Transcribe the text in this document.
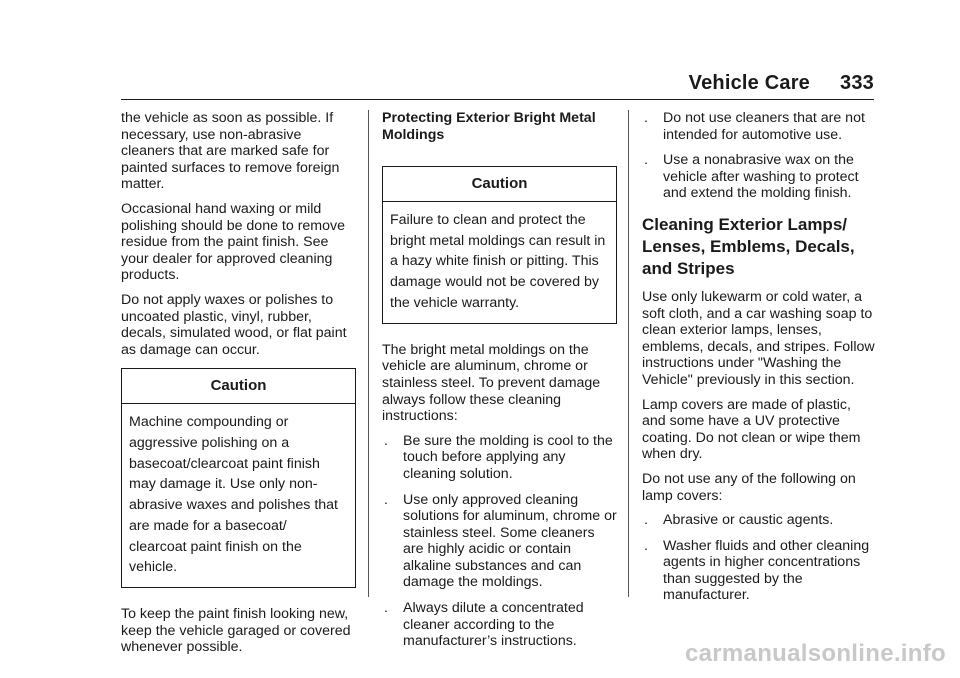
Vehicle Care 333

the vehicle as soon as possible. If necessary, use non-abrasive cleaners that are marked safe for painted surfaces to remove foreign matter.

Occasional hand waxing or mild polishing should be done to remove residue from the paint finish. See your dealer for approved cleaning products.

Do not apply waxes or polishes to uncoated plastic, vinyl, rubber, decals, simulated wood, or flat paint as damage can occur.

Caution
Machine compounding or aggressive polishing on a basecoat/clearcoat paint finish may damage it. Use only non-abrasive waxes and polishes that are made for a basecoat/ clearcoat paint finish on the vehicle.

To keep the paint finish looking new, keep the vehicle garaged or covered whenever possible.

Protecting Exterior Bright Metal Moldings

Caution
Failure to clean and protect the bright metal moldings can result in a hazy white finish or pitting. This damage would not be covered by the vehicle warranty.

The bright metal moldings on the vehicle are aluminum, chrome or stainless steel. To prevent damage always follow these cleaning instructions:

. Be sure the molding is cool to the touch before applying any cleaning solution.
. Use only approved cleaning solutions for aluminum, chrome or stainless steel. Some cleaners are highly acidic or contain alkaline substances and can damage the moldings.
. Always dilute a concentrated cleaner according to the manufacturer’s instructions.
. Do not use cleaners that are not intended for automotive use.
. Use a nonabrasive wax on the vehicle after washing to protect and extend the molding finish.
Cleaning Exterior Lamps/ Lenses, Emblems, Decals, and Stripes

Use only lukewarm or cold water, a soft cloth, and a car washing soap to clean exterior lamps, lenses, emblems, decals, and stripes. Follow instructions under "Washing the Vehicle" previously in this section.

Lamp covers are made of plastic, and some have a UV protective coating. Do not clean or wipe them when dry.

Do not use any of the following on lamp covers:

. Abrasive or caustic agents.
. Washer fluids and other cleaning agents in higher concentrations than suggested by the manufacturer.
carmanualsonline.info
